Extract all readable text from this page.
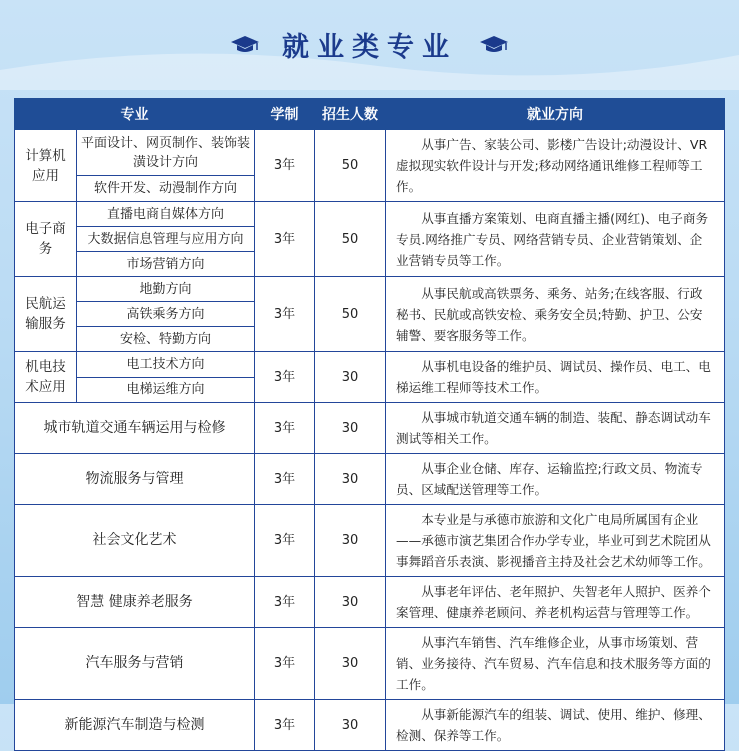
就业类专业
专业		学制	招生人数	就业方向
计算机应用	平面设计、网页制作、装饰装潢设计方向	3年	50	从事广告、家装公司、影楼广告设计;动漫设计、VR虚拟现实软件设计与开发;移动网络通讯维修工程师等工作。

	软件开发、动漫制作方向			
电子商务	直播电商自媒体方向	3年	50	从事直播方案策划、电商直播主播(网红)、电子商务专员.网络推广专员、网络营销专员、企业营销策划、企业营销专员等工作。

	大数据信息管理与应用方向			
	市场营销方向			
民航运输服务	地勤方向	3年	50	从事民航或高铁票务、乘务、站务;在线客服、行政秘书、民航或高铁安检、乘务安全员;特勤、护卫、公安辅警、要客服务等工作。

	高铁乘务方向			
	安检、特勤方向			
机电技术应用	电工技术方向	3年	30	从事机电设备的维护员、调试员、操作员、电工、电梯运维工程师等技术工作。

	电梯运维方向			
城市轨道交通车辆运用与检修		3年	30	从事城市轨道交通车辆的制造、装配、静态调试动车测试等相关工作。

物流服务与管理		3年	30	从事企业仓储、库存、运输监控;行政文员、物流专员、区域配送管理等工作。

社会文化艺术		3年	30	本专业是与承德市旅游和文化广电局所属国有企业——承德市演艺集团合作办学专业，毕业可到艺术院团从事舞蹈音乐表演、影视播音主持及社会艺术幼师等工作。

智慧 健康养老服务		3年	30	从事老年评估、老年照护、失智老年人照护、医养个案管理、健康养老顾问、养老机构运营与管理等工作。

汽车服务与营销		3年	30	从事汽车销售、汽车维修企业，从事市场策划、营销、业务接待、汽车贸易、汽车信息和技术服务等方面的工作。

新能源汽车制造与检测		3年	30	从事新能源汽车的组装、调试、使用、维护、修理、检测、保养等工作。
